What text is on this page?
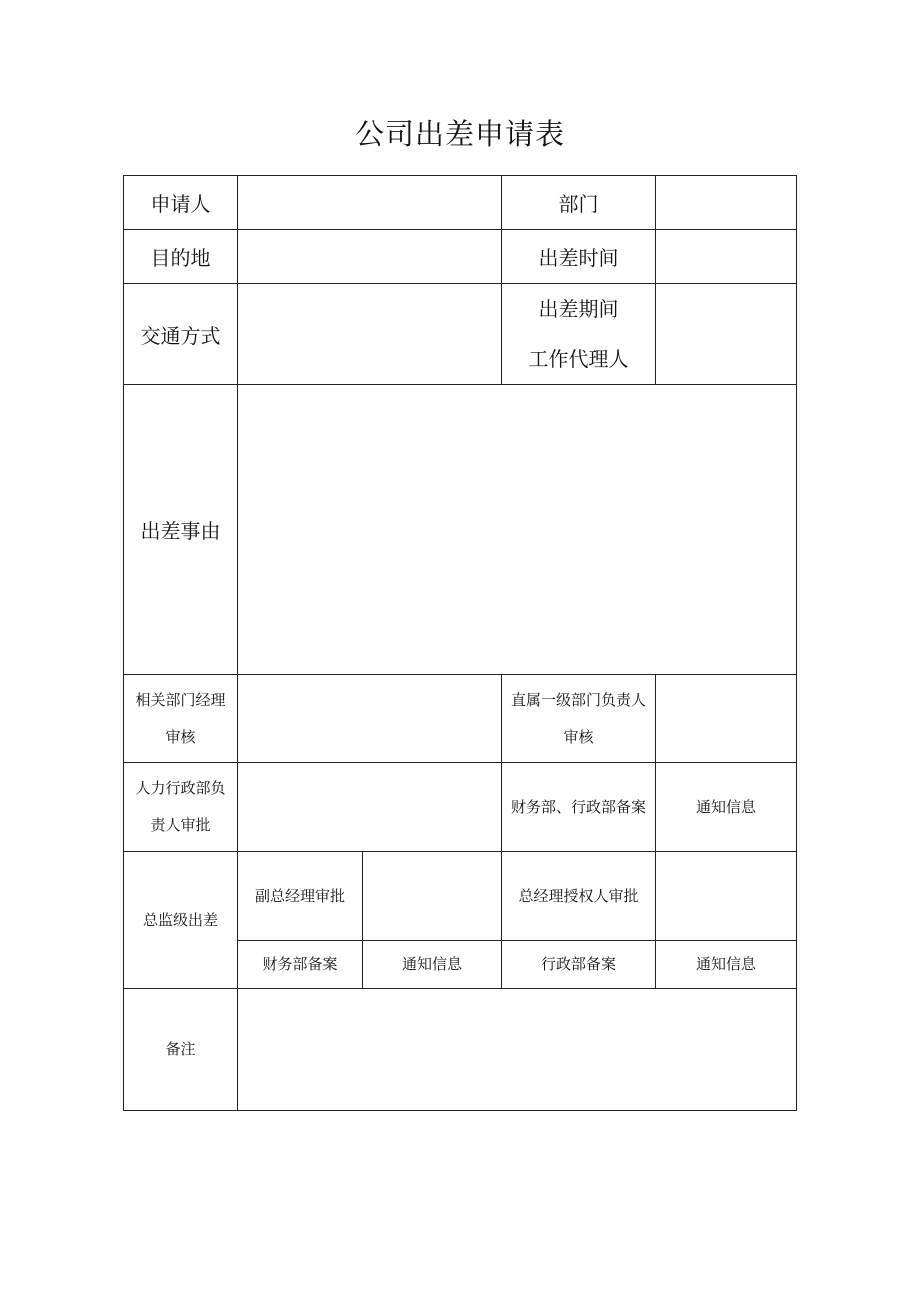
公司出差申请表
申请人			部门	
目的地			出差时间	
交通方式			出差期间
工作代理人	

出差事由				
相关部门经理审核			直属一级部门负责人审核	
人力行政部负责人审批			财务部、行政部备案	通知信息
总监级出差	副总经理审批		总经理授权人审批	
	财务部备案	通知信息	行政部备案	通知信息
备注				
